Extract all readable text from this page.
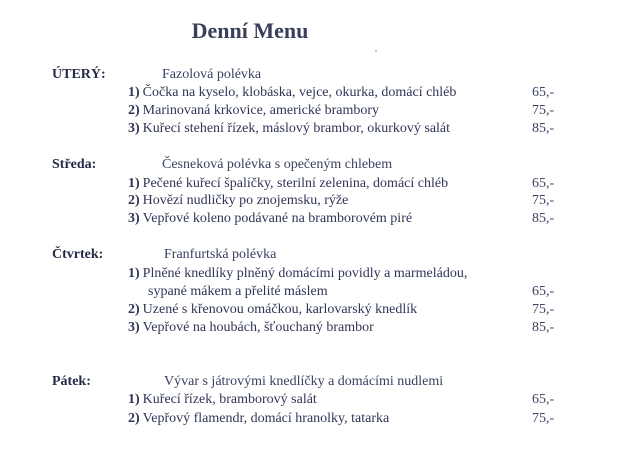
Denní Menu
ÚTERÝ:	Fazolová polévka
1) Čočka na kyselo, klobáska, vejce, okurka, domácí chléb	65,-
2) Marinovaná krkovice, americké brambory	75,-
3) Kuřecí stehení řízek, máslový brambor, okurkový salát	85,-
Středa:	Česneková polévka s opečeným chlebem
1) Pečené kuřecí špalíčky, sterilní zelenina, domácí chléb	65,-
2) Hovězí nudličky po znojemsku, rýže	75,-
3) Vepřové koleno podávané na bramborovém piré	85,-
Čtvrtek:	Franfurtská polévka
1) Plněné knedlíky plněný domácími povidly a marmeládou,
sypané mákem a přelité máslem	65,-
2) Uzené s křenovou omáčkou, karlovarský knedlík	75,-
3) Vepřové na houbách, šťouchaný brambor	85,-
Pátek:	Vývar s játrovými knedlíčky a domácími nudlemi
1) Kuřecí řízek, bramborový salát	65,-
2) Vepřový flamendr, domácí hranolky, tatarka	75,-
